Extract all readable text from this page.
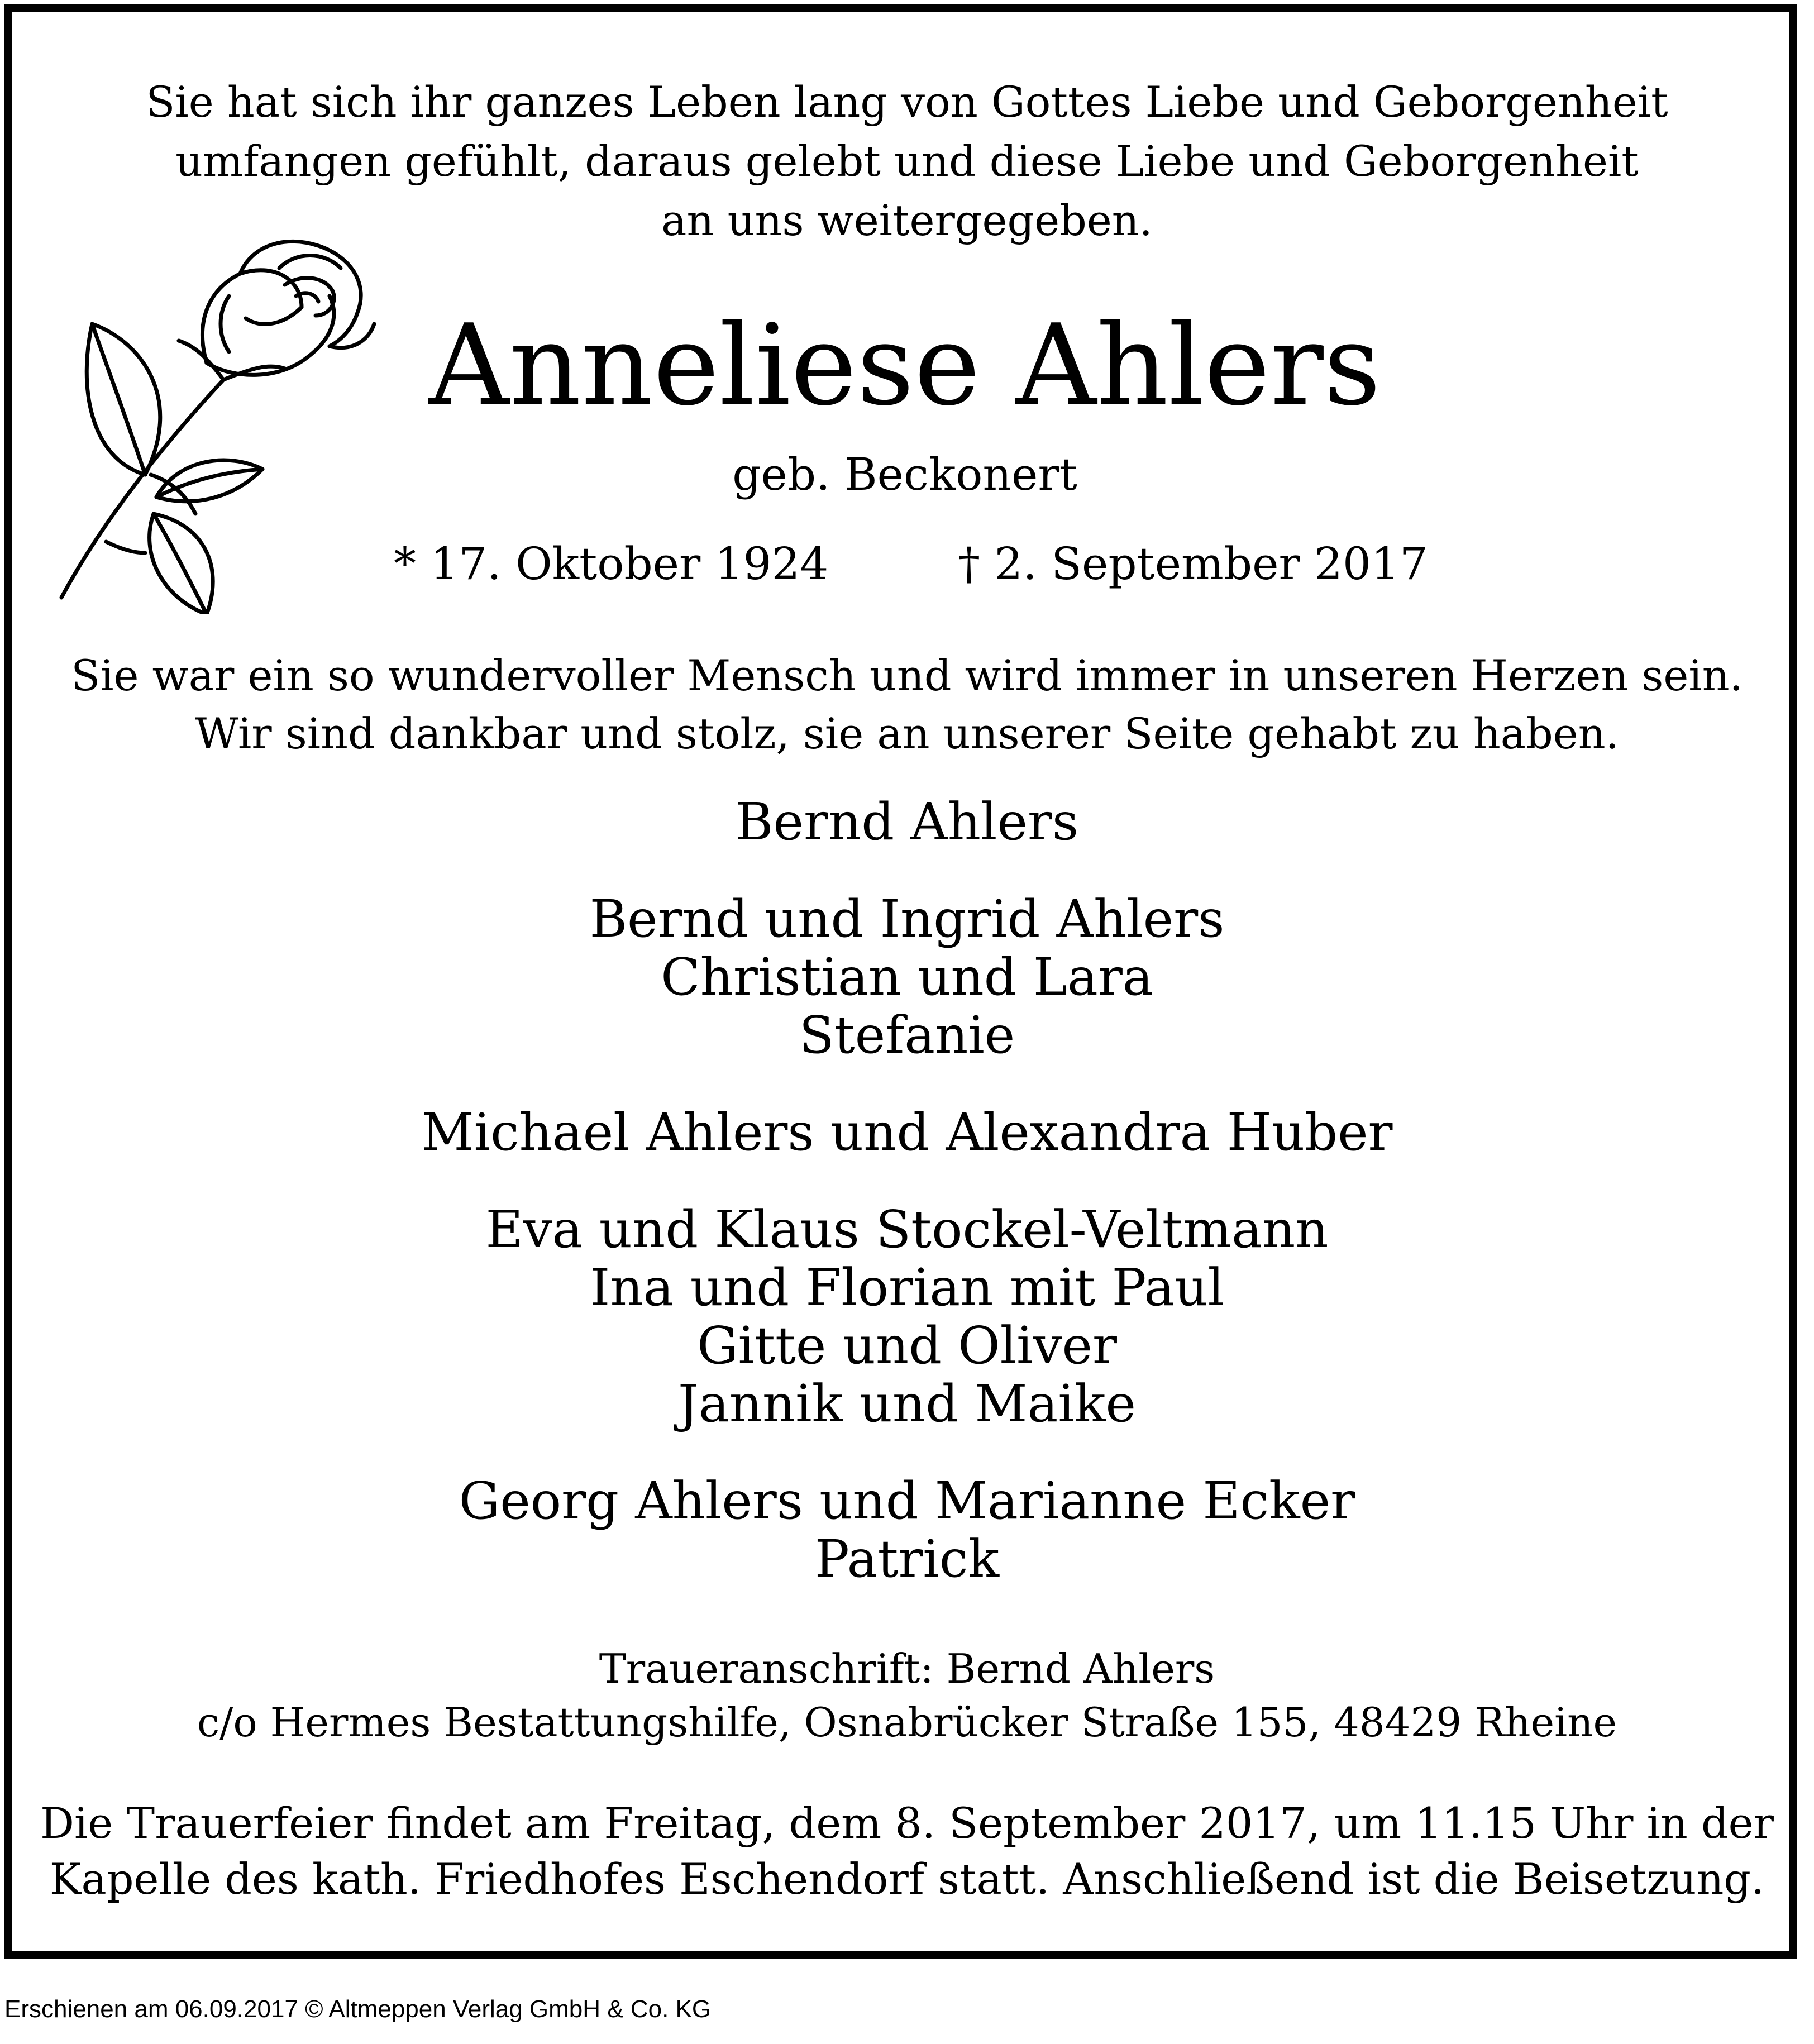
Sie hat sich ihr ganzes Leben lang von Gottes Liebe und Geborgenheit

umfangen gefühlt, daraus gelebt und diese Liebe und Geborgenheit

an uns weitergegeben.

Anneliese Ahlers
geb. Beckonert
* 17. Oktober 1924	† 2. September 2017

Sie war ein so wundervoller Mensch und wird immer in unseren Herzen sein.

Wir sind dankbar und stolz, sie an unserer Seite gehabt zu haben.

Bernd Ahlers

Bernd und Ingrid Ahlers

Christian und Lara

Stefanie

Michael Ahlers und Alexandra Huber

Eva und Klaus Stockel-Veltmann

Ina und Florian mit Paul

Gitte und Oliver

Jannik und Maike

Georg Ahlers und Marianne Ecker

Patrick

Traueranschrift: Bernd Ahlers

c/o Hermes Bestattungshilfe, Osnabrücker Straße 155, 48429 Rheine

Die Trauerfeier findet am Freitag, dem 8. September 2017, um 11.15 Uhr in der

Kapelle des kath. Friedhofes Eschendorf statt. Anschließend ist die Beisetzung.

Erschienen am 06.09.2017 © Altmeppen Verlag GmbH & Co. KG
